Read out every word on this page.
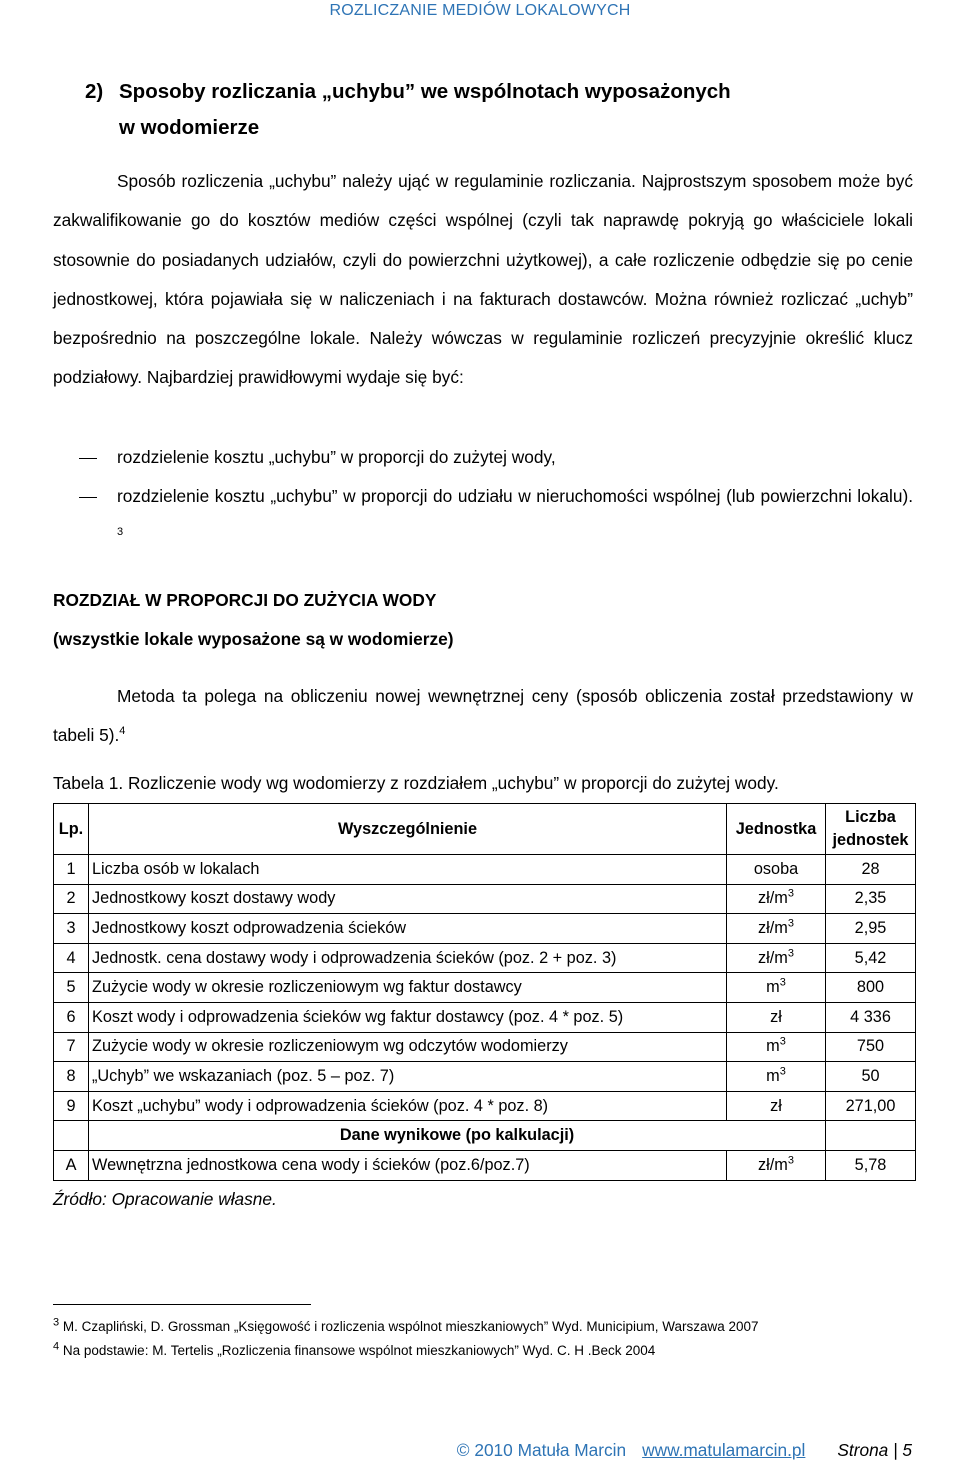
ROZLICZANIE MEDIÓW LOKALOWYCH
2) Sposoby rozliczania „uchybu” we wspólnotach wyposażonych
w wodomierze

Sposób rozliczenia „uchybu” należy ująć w regulaminie rozliczania. Najprostszym sposobem może być zakwalifikowanie go do kosztów mediów części wspólnej (czyli tak naprawdę pokryją go właściciele lokali stosownie do posiadanych udziałów, czyli do powierzchni użytkowej), a całe rozliczenie odbędzie się po cenie jednostkowej, która pojawiała się w naliczeniach i na fakturach dostawców. Można również rozliczać „uchyb” bezpośrednio na poszczególne lokale. Należy wówczas w regulaminie rozliczeń precyzyjnie określić klucz podziałowy. Najbardziej prawidłowymi wydaje się być:

rozdzielenie kosztu „uchybu” w proporcji do zużytej wody,
rozdzielenie kosztu „uchybu” w proporcji do udziału w nieruchomości wspólnej (lub powierzchni lokalu). $^3$
ROZDZIAŁ W PROPORCJI DO ZUŻYCIA WODY
(wszystkie lokale wyposażone są w wodomierze)

Metoda ta polega na obliczeniu nowej wewnętrznej ceny (sposób obliczenia został przedstawiony w tabeli 5).$^4$

Tabela 1. Rozliczenie wody wg wodomierzy z rozdziałem „uchybu” w proporcji do zużytej wody.
Lp.	Wyszczególnienie	Jednostka	Liczba
jednostek

1	Liczba osób w lokalach	osoba	28
2	Jednostkowy koszt dostawy wody	$zł/m^3$	2,35
3	Jednostkowy koszt odprowadzenia ścieków	$zł/m^3$	2,95
4	Jednostk. cena dostawy wody i odprowadzenia ścieków (poz. 2 + poz. 3)	$zł/m^3$	5,42
5	Zużycie wody w okresie rozliczeniowym wg faktur dostawcy	$m^3$	800
6	Koszt wody i odprowadzenia ścieków wg faktur dostawcy (poz. 4 * poz. 5)	zł	4 336
7	Zużycie wody w okresie rozliczeniowym wg odczytów wodomierzy	$m^3$	750
8	„Uchyb” we wskazaniach (poz. 5 – poz. 7)	$m^3$	50
9	Koszt „uchybu” wody i odprowadzenia ścieków (poz. 4 * poz. 8)	zł	271,00
	Dane wynikowe (po kalkulacji)		
A	Wewnętrzna jednostkowa cena wody i ścieków (poz.6/poz.7)	$zł/m^3$	5,78
Źródło: Opracowanie własne.
$^3$ M. Czapliński, D. Grossman „Księgowość i rozliczenia wspólnot mieszkaniowych” Wyd. Municipium, Warszawa 2007
$^4$ Na podstawie: M. Tertelis „Rozliczenia finansowe wspólnot mieszkaniowych” Wyd. C. H .Beck 2004
© 2010 Matuła Marcin www.matulamarcin.pl Strona | 5
